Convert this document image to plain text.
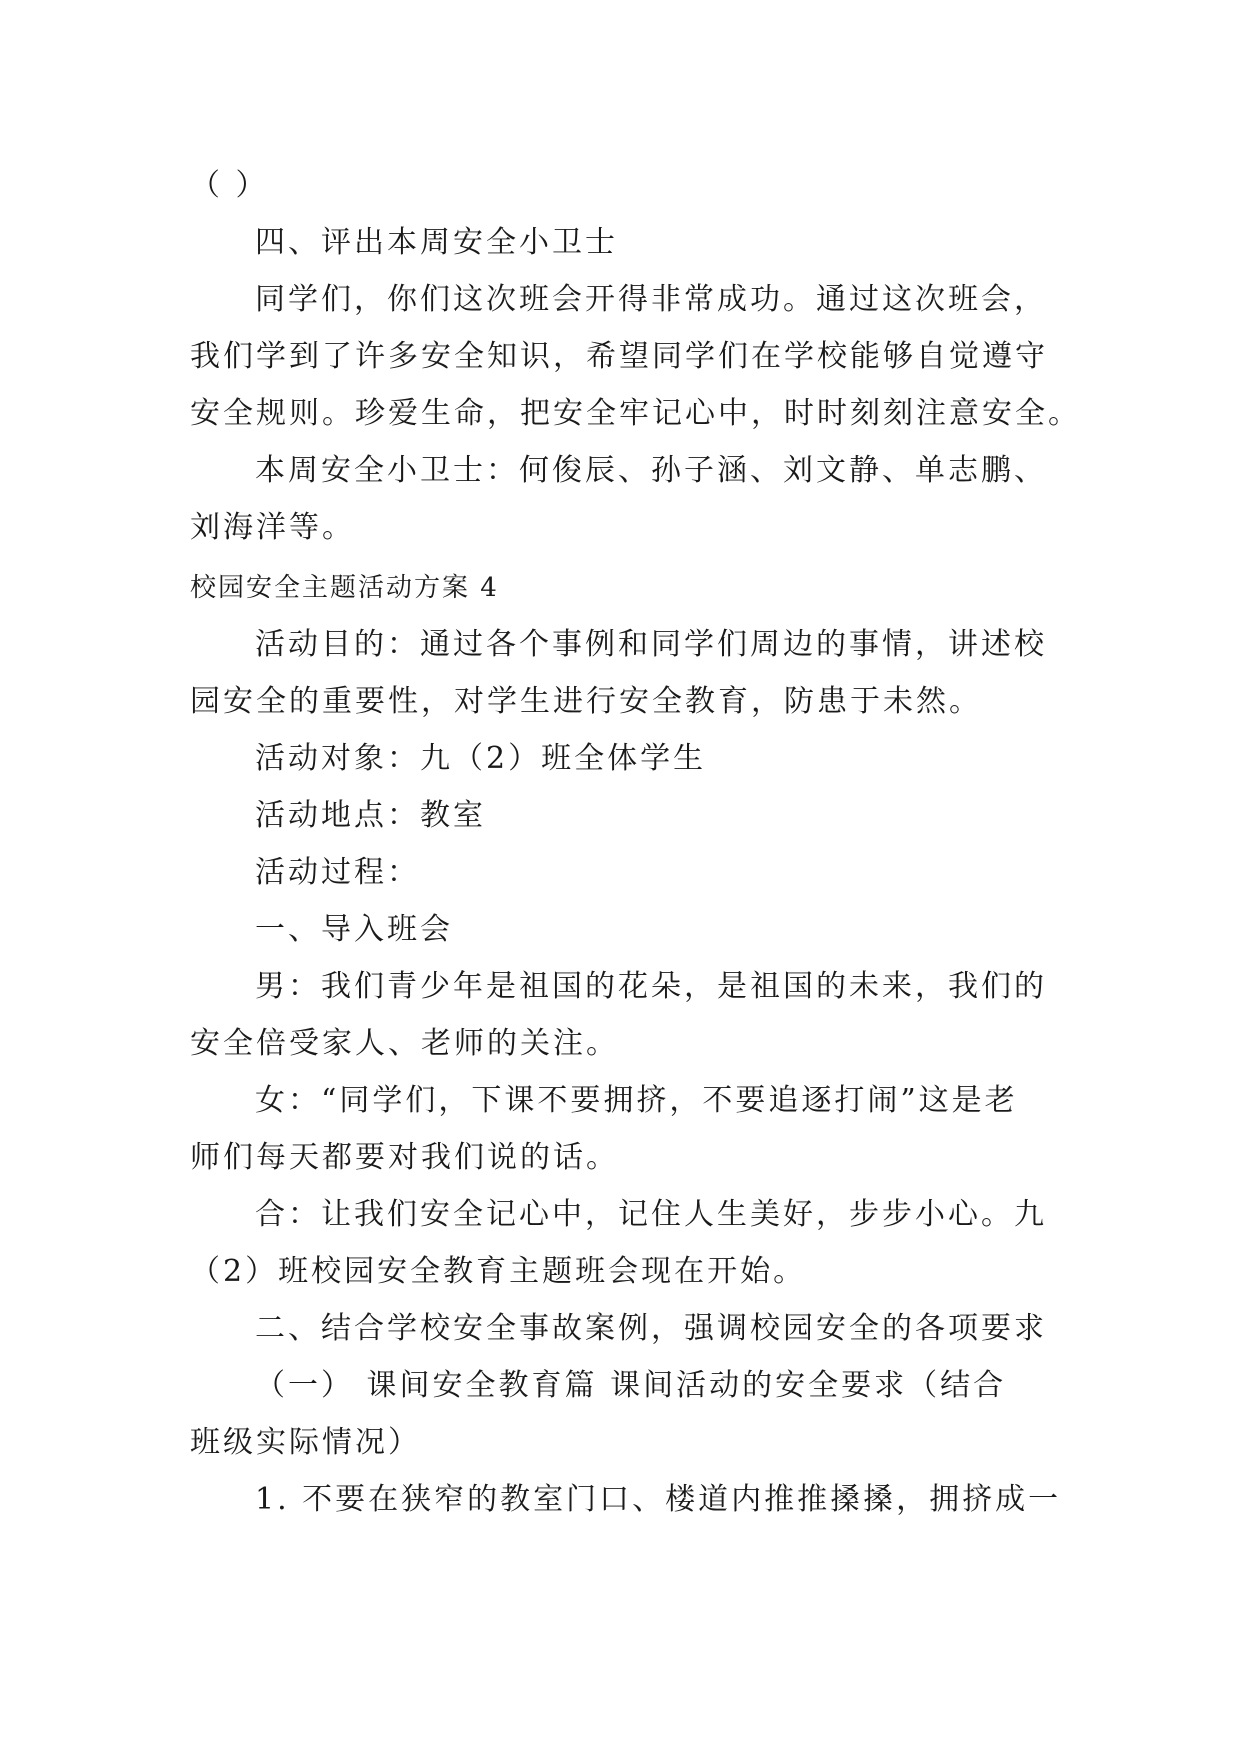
（ ）
四、评出本周安全小卫士
同学们，你们这次班会开得非常成功。通过这次班会，
我们学到了许多安全知识，希望同学们在学校能够自觉遵守
安全规则。珍爱生命，把安全牢记心中，时时刻刻注意安全。
本周安全小卫士：何俊辰、孙子涵、刘文静、单志鹏、
刘海洋等。
校园安全主题活动方案 4
活动目的：通过各个事例和同学们周边的事情，讲述校
园安全的重要性，对学生进行安全教育，防患于未然。
活动对象：九（2）班全体学生
活动地点：教室
活动过程：
一、导入班会
男：我们青少年是祖国的花朵，是祖国的未来，我们的
安全倍受家人、老师的关注。
女：“同学们，下课不要拥挤，不要追逐打闹”这是老
师们每天都要对我们说的话。
合：让我们安全记心中，记住人生美好，步步小心。九
（2）班校园安全教育主题班会现在开始。
二、结合学校安全事故案例，强调校园安全的各项要求
（一） 课间安全教育篇 课间活动的安全要求（结合
班级实际情况）
1. 不要在狭窄的教室门口、楼道内推推搡搡，拥挤成一
